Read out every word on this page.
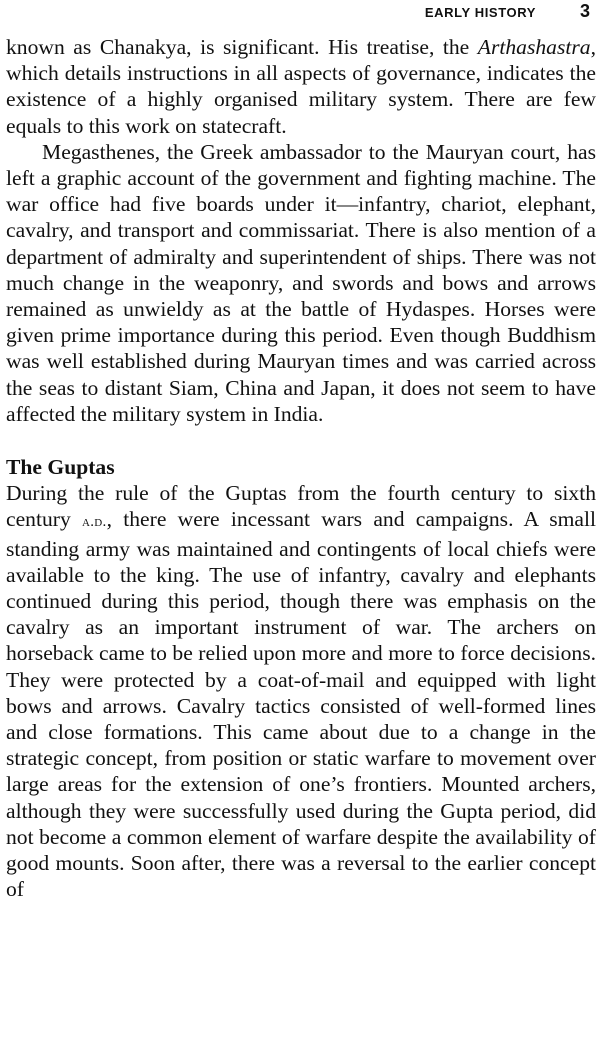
EARLY HISTORY 3

known as Chanakya, is significant. His treatise, the Arthashastra, which details instructions in all aspects of governance, indicates the existence of a highly organised military system. There are few equals to this work on statecraft.

Megasthenes, the Greek ambassador to the Mauryan court, has left a graphic account of the government and fighting machine. The war office had five boards under it—infantry, chariot, elephant, cavalry, and transport and commissariat. There is also mention of a department of admiralty and superintendent of ships. There was not much change in the weaponry, and swords and bows and arrows remained as unwieldy as at the battle of Hydaspes. Horses were given prime importance during this period. Even though Buddhism was well established during Mauryan times and was carried across the seas to distant Siam, China and Japan, it does not seem to have affected the military system in India.

The Guptas

During the rule of the Guptas from the fourth century to sixth century a.d., there were incessant wars and campaigns. A small standing army was maintained and contingents of local chiefs were available to the king. The use of infantry, cavalry and elephants continued during this period, though there was emphasis on the cavalry as an important instrument of war. The archers on horseback came to be relied upon more and more to force decisions. They were protected by a coat-of-mail and equipped with light bows and arrows. Cavalry tactics consisted of well-formed lines and close formations. This came about due to a change in the strategic concept, from position or static warfare to movement over large areas for the extension of one’s frontiers. Mounted archers, although they were successfully used during the Gupta period, did not become a common element of warfare despite the availability of good mounts. Soon after, there was a reversal to the earlier concept of
